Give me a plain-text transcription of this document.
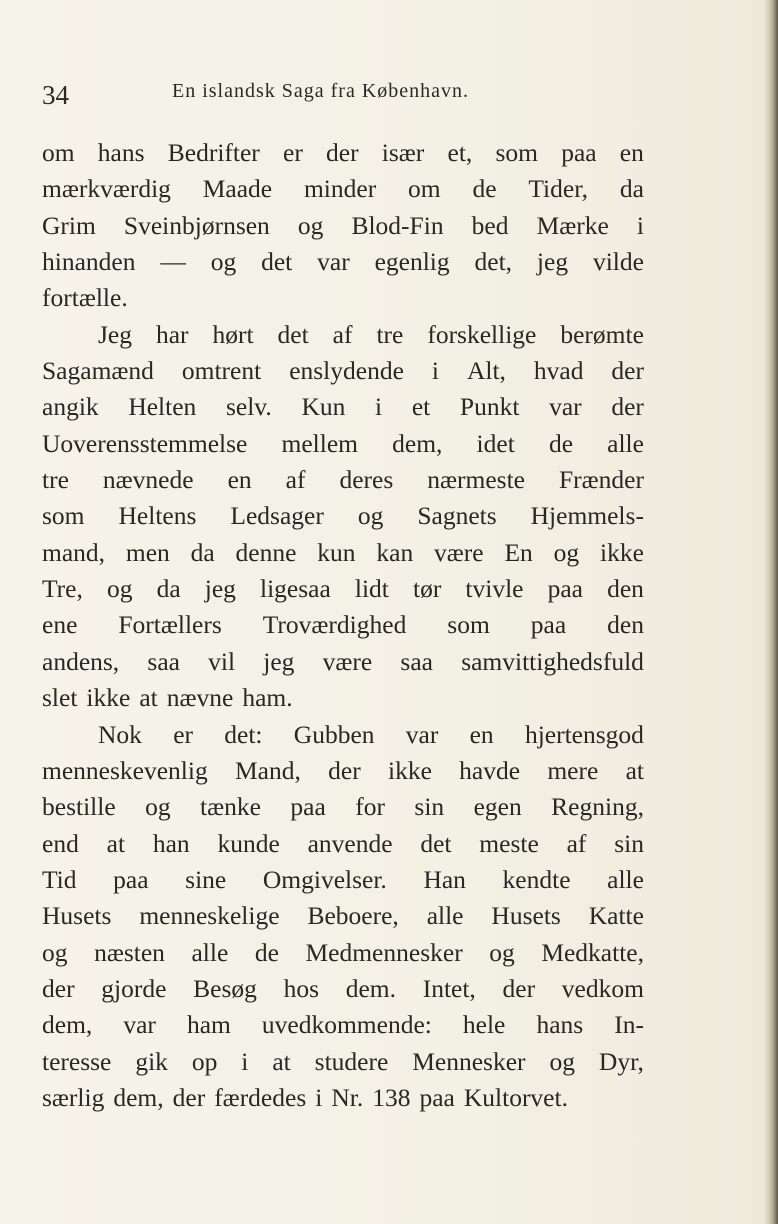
34	En islandsk Saga fra København.
om hans Bedrifter er der især et, som paa en
mærkværdig Maade minder om de Tider, da
Grim Sveinbjørnsen og Blod-Fin bed Mærke i
hinanden — og det var egenlig det, jeg vilde
fortælle.
Jeg har hørt det af tre forskellige berømte
Sagamænd omtrent enslydende i Alt, hvad der
angik Helten selv. Kun i et Punkt var der
Uoverensstemmelse mellem dem, idet de alle
tre nævnede en af deres nærmeste Frænder
som Heltens Ledsager og Sagnets Hjemmels-
mand, men da denne kun kan være En og ikke
Tre, og da jeg ligesaa lidt tør tvivle paa den
ene Fortællers Troværdighed som paa den
andens, saa vil jeg være saa samvittighedsfuld
slet ikke at nævne ham.
Nok er det: Gubben var en hjertensgod
menneskevenlig Mand, der ikke havde mere at
bestille og tænke paa for sin egen Regning,
end at han kunde anvende det meste af sin
Tid paa sine Omgivelser. Han kendte alle
Husets menneskelige Beboere, alle Husets Katte
og næsten alle de Medmennesker og Medkatte,
der gjorde Besøg hos dem. Intet, der vedkom
dem, var ham uvedkommende: hele hans In-
teresse gik op i at studere Mennesker og Dyr,
særlig dem, der færdedes i Nr. 138 paa Kultorvet.
